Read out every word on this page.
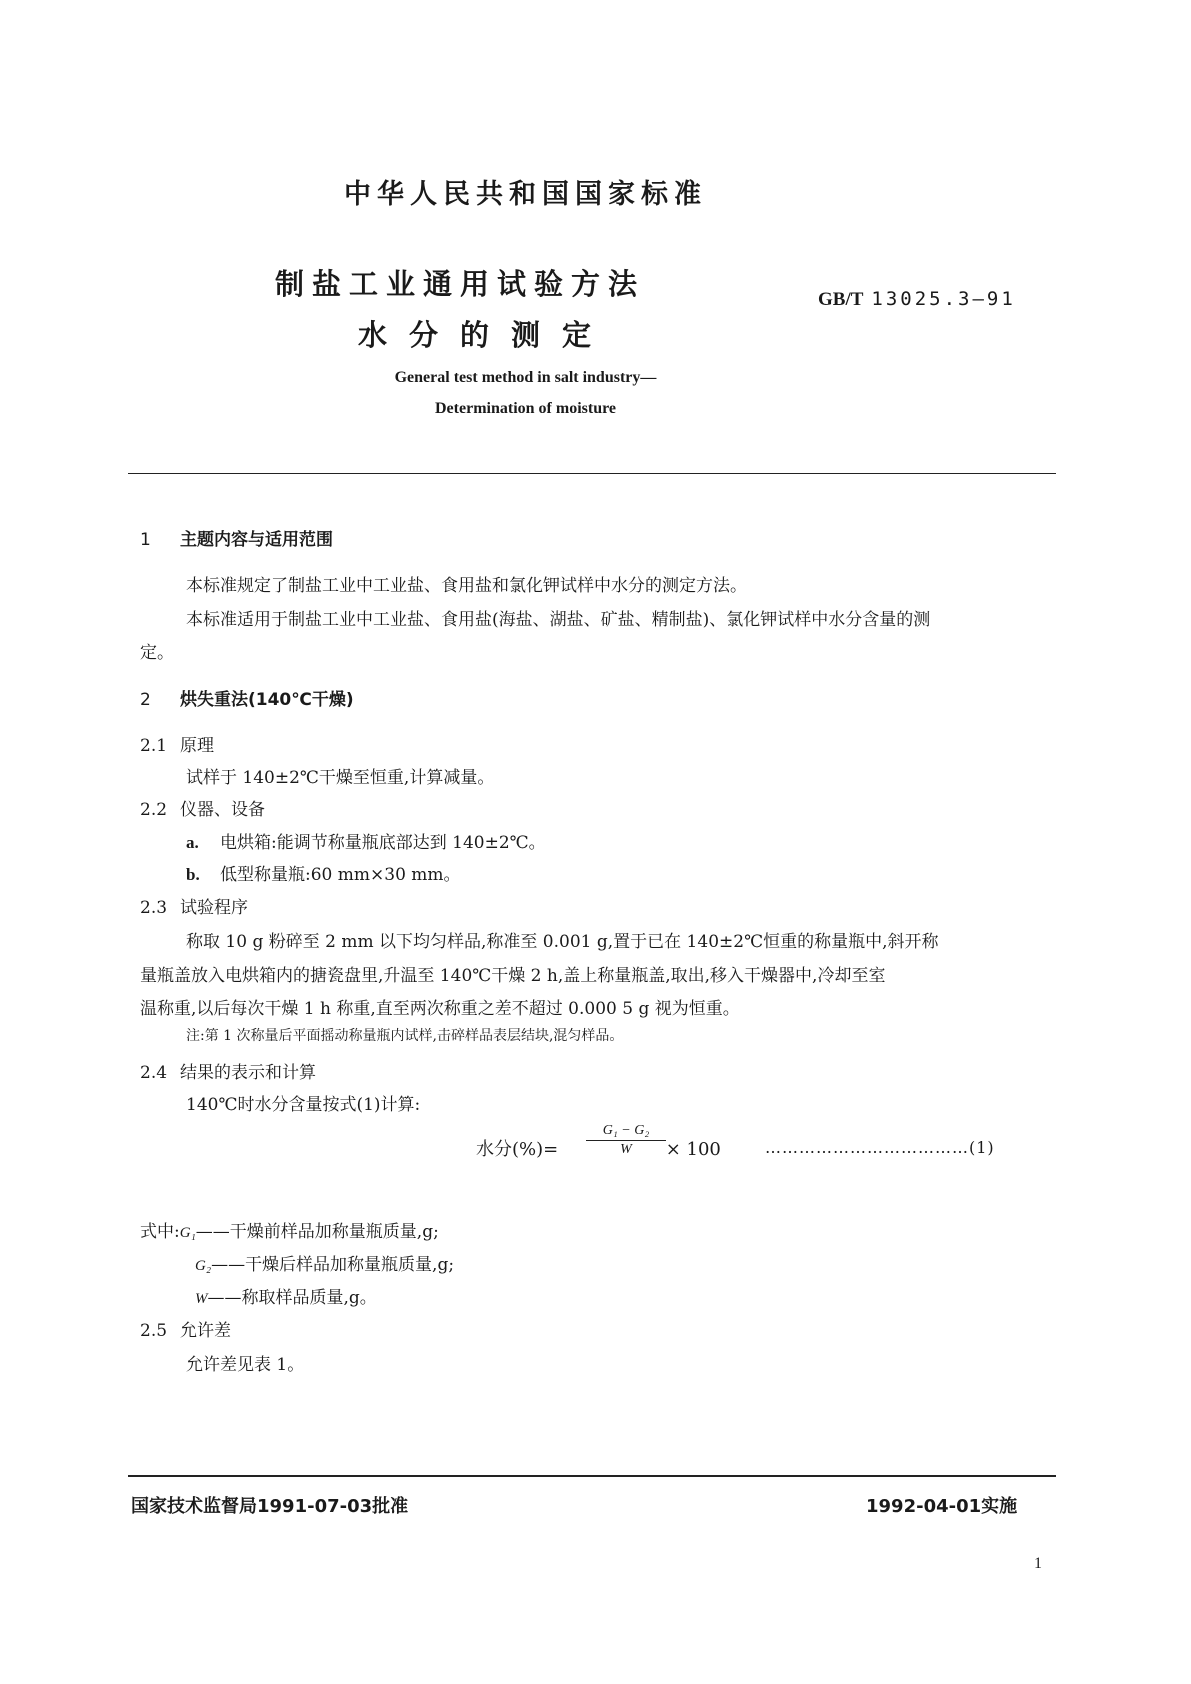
中华人民共和国国家标准
制盐工业通用试验方法
水分的测定
GB/T 13025.3—91
General test method in salt industry—
Determination of moisture
1 主题内容与适用范围
本标准规定了制盐工业中工业盐、食用盐和氯化钾试样中水分的测定方法。
本标准适用于制盐工业中工业盐、食用盐(海盐、湖盐、矿盐、精制盐)、氯化钾试样中水分含量的测
定。
2 烘失重法(140℃干燥)
2.1 原理
试样于 140±2℃干燥至恒重,计算减量。
2.2 仪器、设备
a. 电烘箱:能调节称量瓶底部达到 140±2℃。
b. 低型称量瓶:60 mm×30 mm。
2.3 试验程序
称取 10 g 粉碎至 2 mm 以下均匀样品,称准至 0.001 g,置于已在 140±2℃恒重的称量瓶中,斜开称
量瓶盖放入电烘箱内的搪瓷盘里,升温至 140℃干燥 2 h,盖上称量瓶盖,取出,移入干燥器中,冷却至室
温称重,以后每次干燥 1 h 称重,直至两次称重之差不超过 0.000 5 g 视为恒重。
注:第 1 次称量后平面摇动称量瓶内试样,击碎样品表层结块,混匀样品。
2.4 结果的表示和计算
140℃时水分含量按式(1)计算:
水分(%)= $\frac{\text{G₁ − G₂}}{W} \times 100$	………………………………(1)
式中:G₁——干燥前样品加称量瓶质量,g;
G₂——干燥后样品加称量瓶质量,g;
W——称取样品质量,g。
2.5 允许差
允许差见表 1。
国家技术监督局1991-07-03批准	1992-04-01实施
1
